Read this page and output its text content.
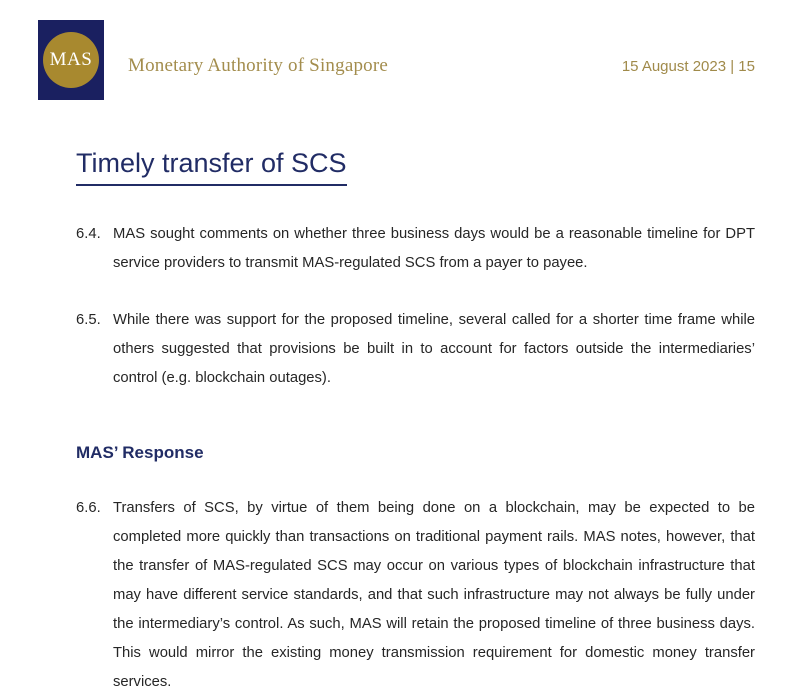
MAS Monetary Authority of Singapore	15 August 2023 | 15
Timely transfer of SCS
6.4. MAS sought comments on whether three business days would be a reasonable timeline for DPT service providers to transmit MAS-regulated SCS from a payer to payee.
6.5. While there was support for the proposed timeline, several called for a shorter time frame while others suggested that provisions be built in to account for factors outside the intermediaries’ control (e.g. blockchain outages).
MAS’ Response
6.6. Transfers of SCS, by virtue of them being done on a blockchain, may be expected to be completed more quickly than transactions on traditional payment rails. MAS notes, however, that the transfer of MAS-regulated SCS may occur on various types of blockchain infrastructure that may have different service standards, and that such infrastructure may not always be fully under the intermediary’s control. As such, MAS will retain the proposed timeline of three business days. This would mirror the existing money transmission requirement for domestic money transfer services.
